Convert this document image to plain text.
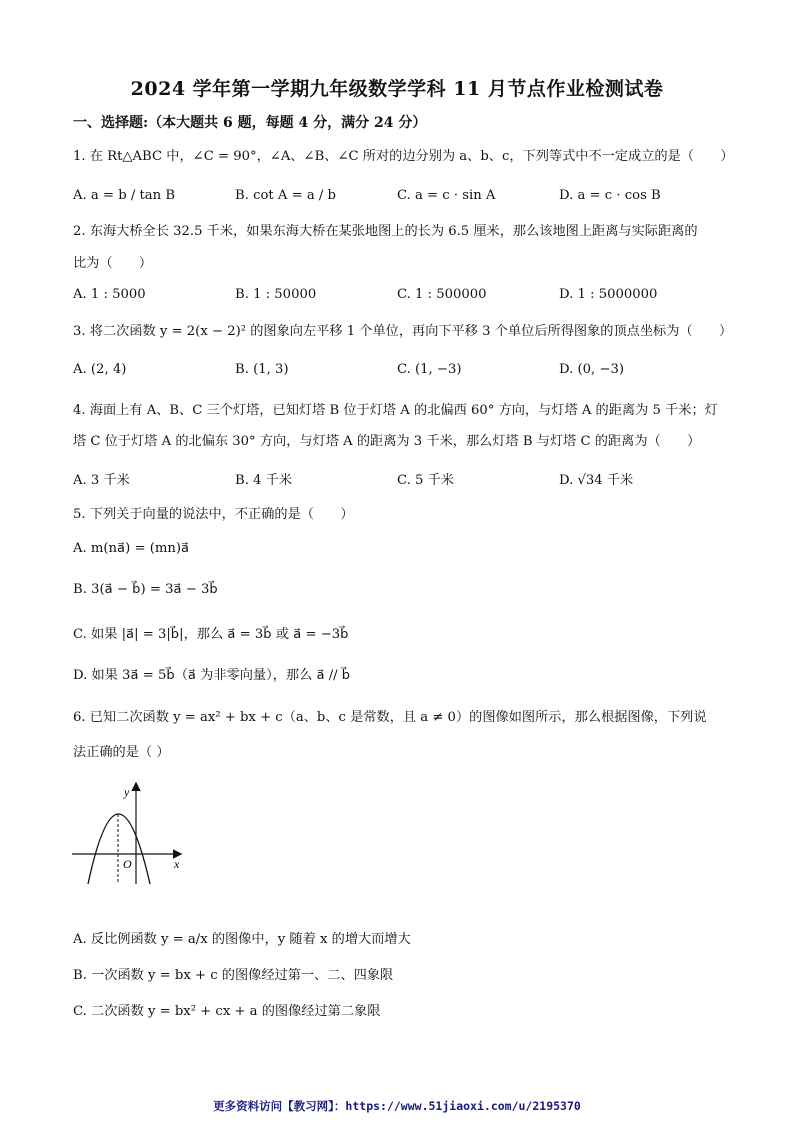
2024 学年第一学期九年级数学学科 11 月节点作业检测试卷
一、选择题:（本大题共 6 题，每题 4 分，满分 24 分）
1. 在 Rt△ABC 中，∠C = 90°，∠A、∠B、∠C 所对的边分别为 a、b、c，下列等式中不一定成立的是（　　）
A. a = b / tan B	B. cot A = a / b	C. a = c · sin A	D. a = c · cos B
2. 东海大桥全长 32.5 千米，如果东海大桥在某张地图上的长为 6.5 厘米，那么该地图上距离与实际距离的
比为（　　）
A. 1 : 5000	B. 1 : 50000	C. 1 : 500000	D. 1 : 5000000
3. 将二次函数 y = 2(x − 2)² 的图象向左平移 1 个单位，再向下平移 3 个单位后所得图象的顶点坐标为（　　）
A. (2, 4)	B. (1, 3)	C. (1, −3)	D. (0, −3)
4. 海面上有 A、B、C 三个灯塔，已知灯塔 B 位于灯塔 A 的北偏西 60° 方向，与灯塔 A 的距离为 5 千米；灯
塔 C 位于灯塔 A 的北偏东 30° 方向，与灯塔 A 的距离为 3 千米，那么灯塔 B 与灯塔 C 的距离为（　　）
A. 3 千米	B. 4 千米	C. 5 千米	D. √34 千米
5. 下列关于向量的说法中，不正确的是（　　）
A. m(na⃗) = (mn)a⃗
B. 3(a⃗ − b⃗) = 3a⃗ − 3b⃗
C. 如果 |a⃗| = 3|b⃗|，那么 a⃗ = 3b⃗ 或 a⃗ = −3b⃗
D. 如果 3a⃗ = 5b⃗（a⃗ 为非零向量），那么 a⃗ // b⃗
6. 已知二次函数 y = ax² + bx + c（a、b、c 是常数，且 a ≠ 0）的图像如图所示，那么根据图像，下列说
法正确的是（ ）
y
x
O
A. 反比例函数 y = a/x 的图像中，y 随着 x 的增大而增大
B. 一次函数 y = bx + c 的图像经过第一、二、四象限
C. 二次函数 y = bx² + cx + a 的图像经过第二象限
更多资料访问【教习网】：https://www.51jiaoxi.com/u/2195370
